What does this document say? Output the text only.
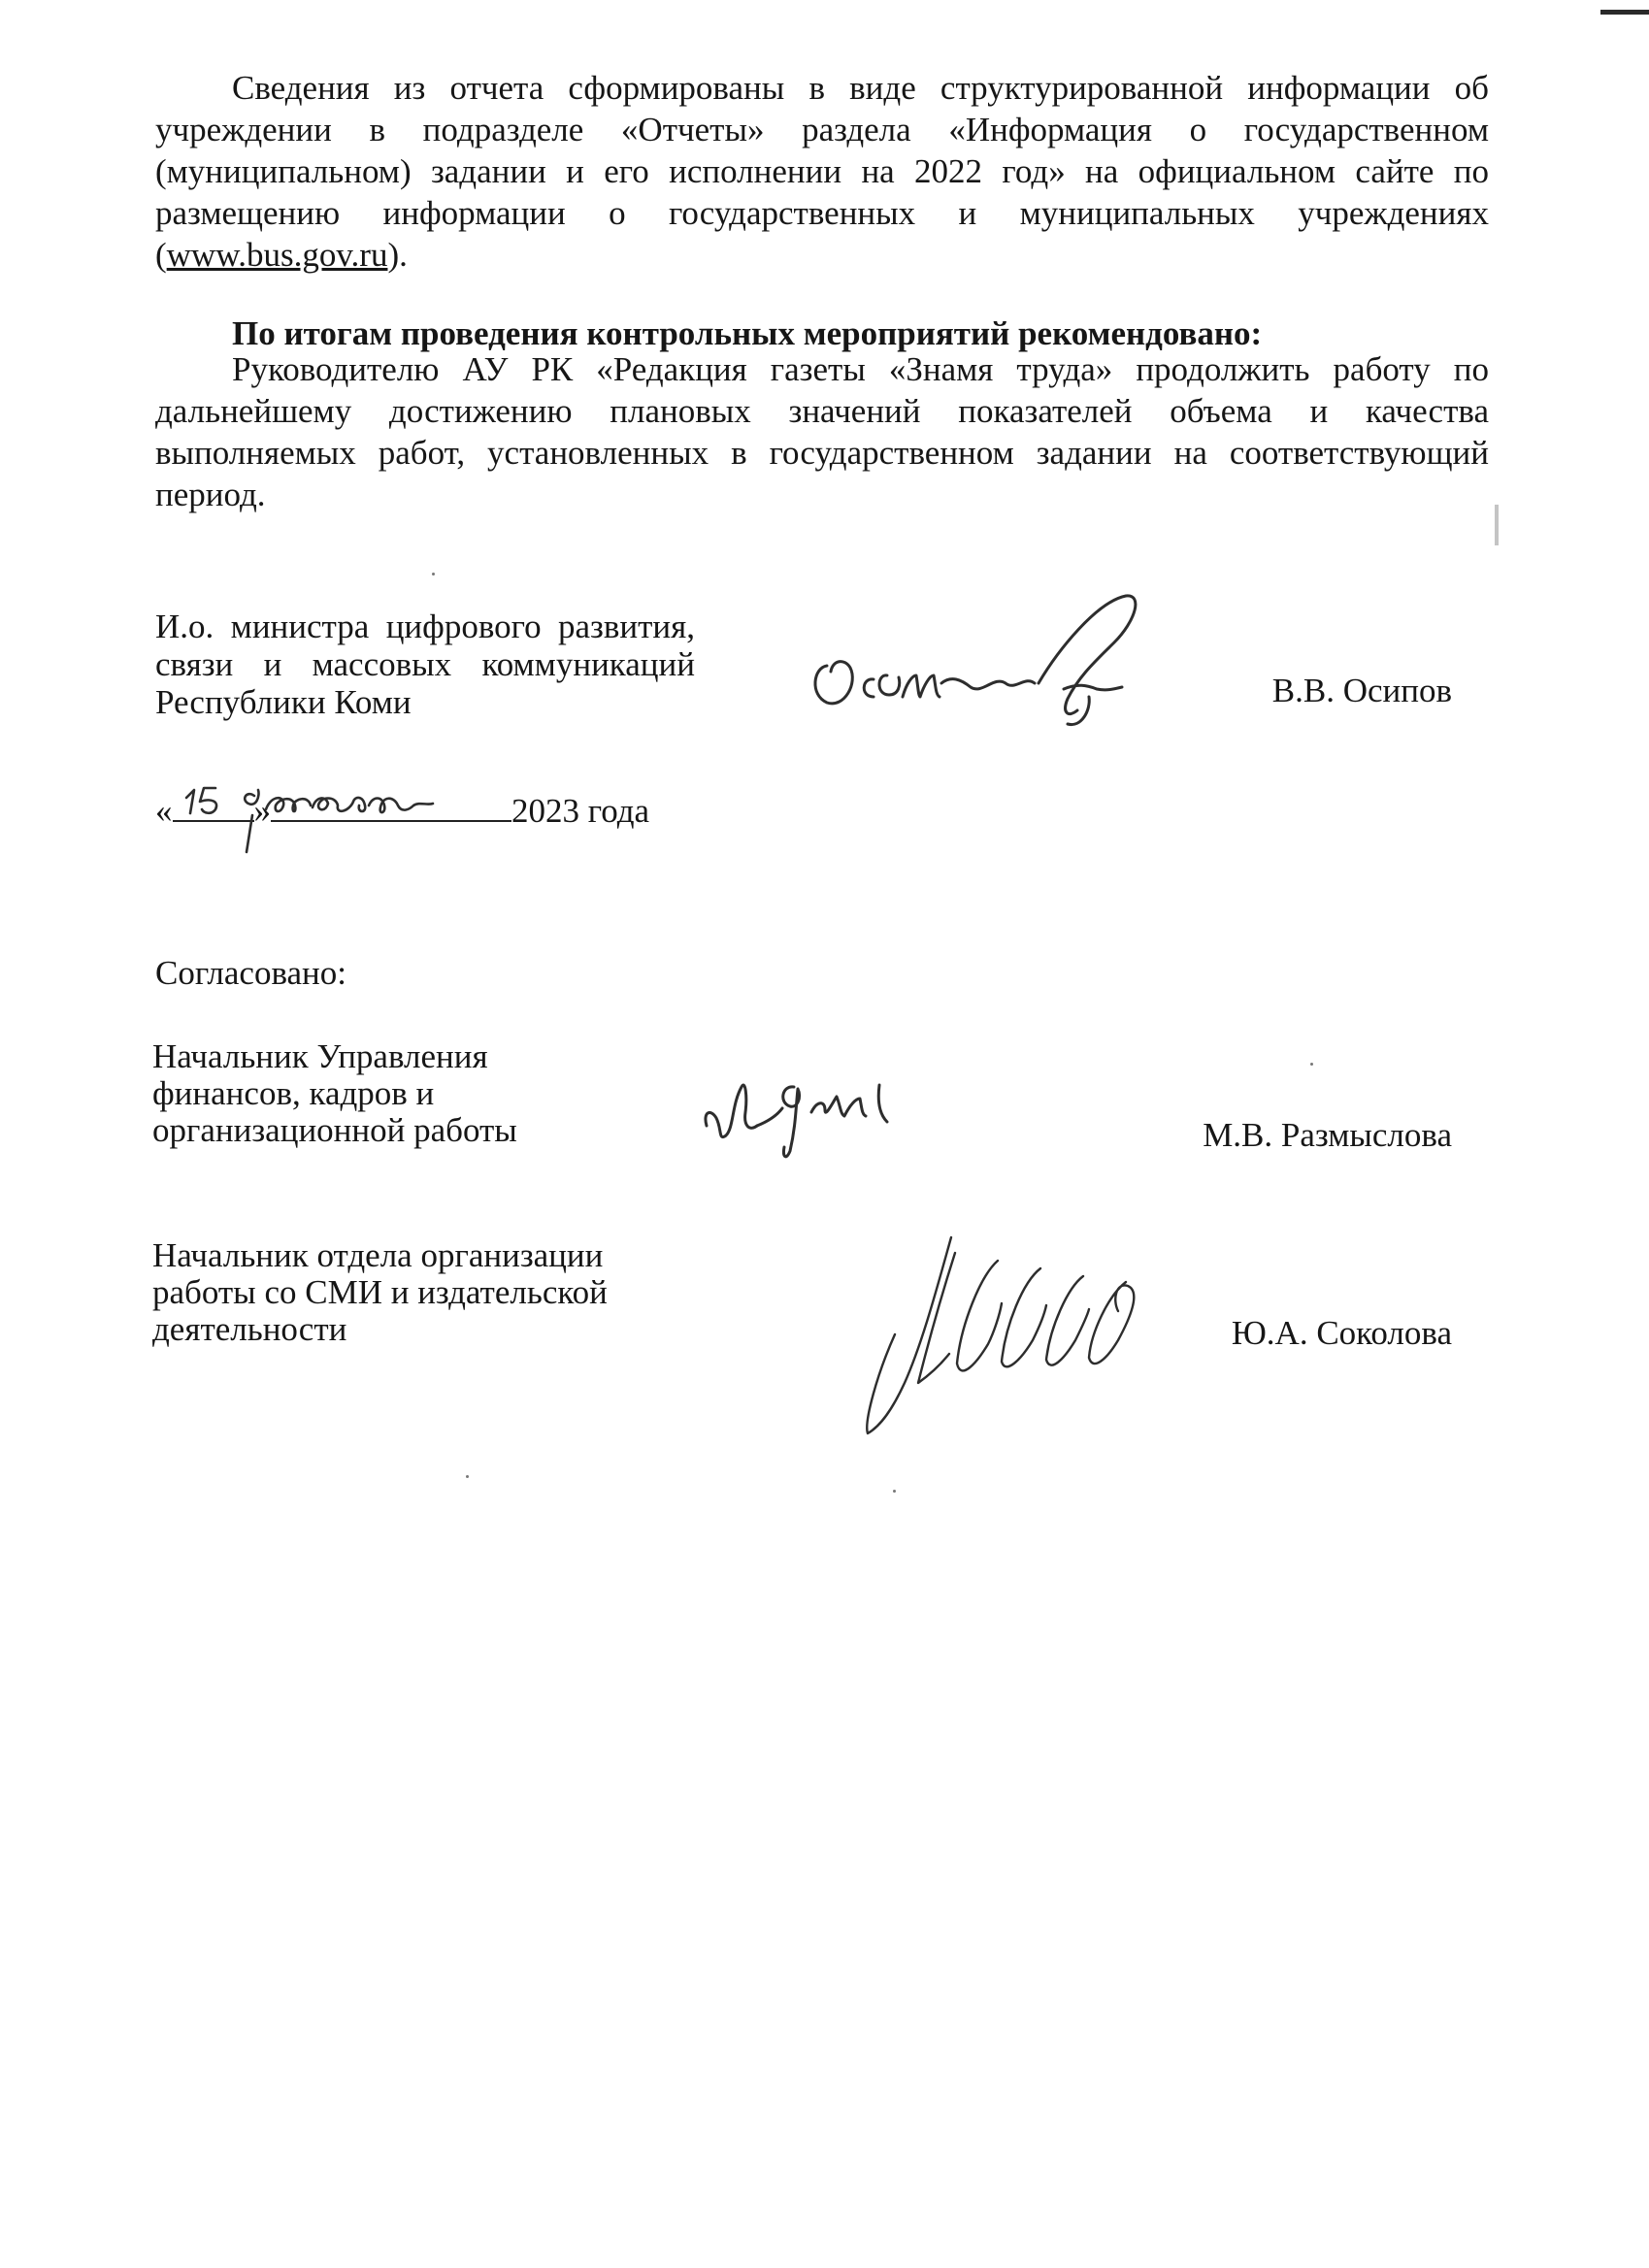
Сведения из отчета сформированы в виде структурированной информации об учреждении в подразделе «Отчеты» раздела «Информация о государственном (муниципальном) задании и его исполнении на 2022 год» на официальном сайте по размещению информации о государственных и муниципальных учреждениях (www.bus.gov.ru).

По итогам проведения контрольных мероприятий рекомендовано:

Руководителю АУ РК «Редакция газеты «Знамя труда» продолжить работу по дальнейшему достижению плановых значений показателей объема и качества выполняемых работ, установленных в государственном задании на соответствующий период.

И.о. министра цифрового развития,
связи и массовых коммуникаций
Республики Коми	В.В. Осипов

« »	2023 года

Согласовано:

Начальник Управления
финансов, кадров и
организационной работы	М.В. Размыслова

Начальник отдела организации
работы со СМИ и издательской
деятельности	Ю.А. Соколова
